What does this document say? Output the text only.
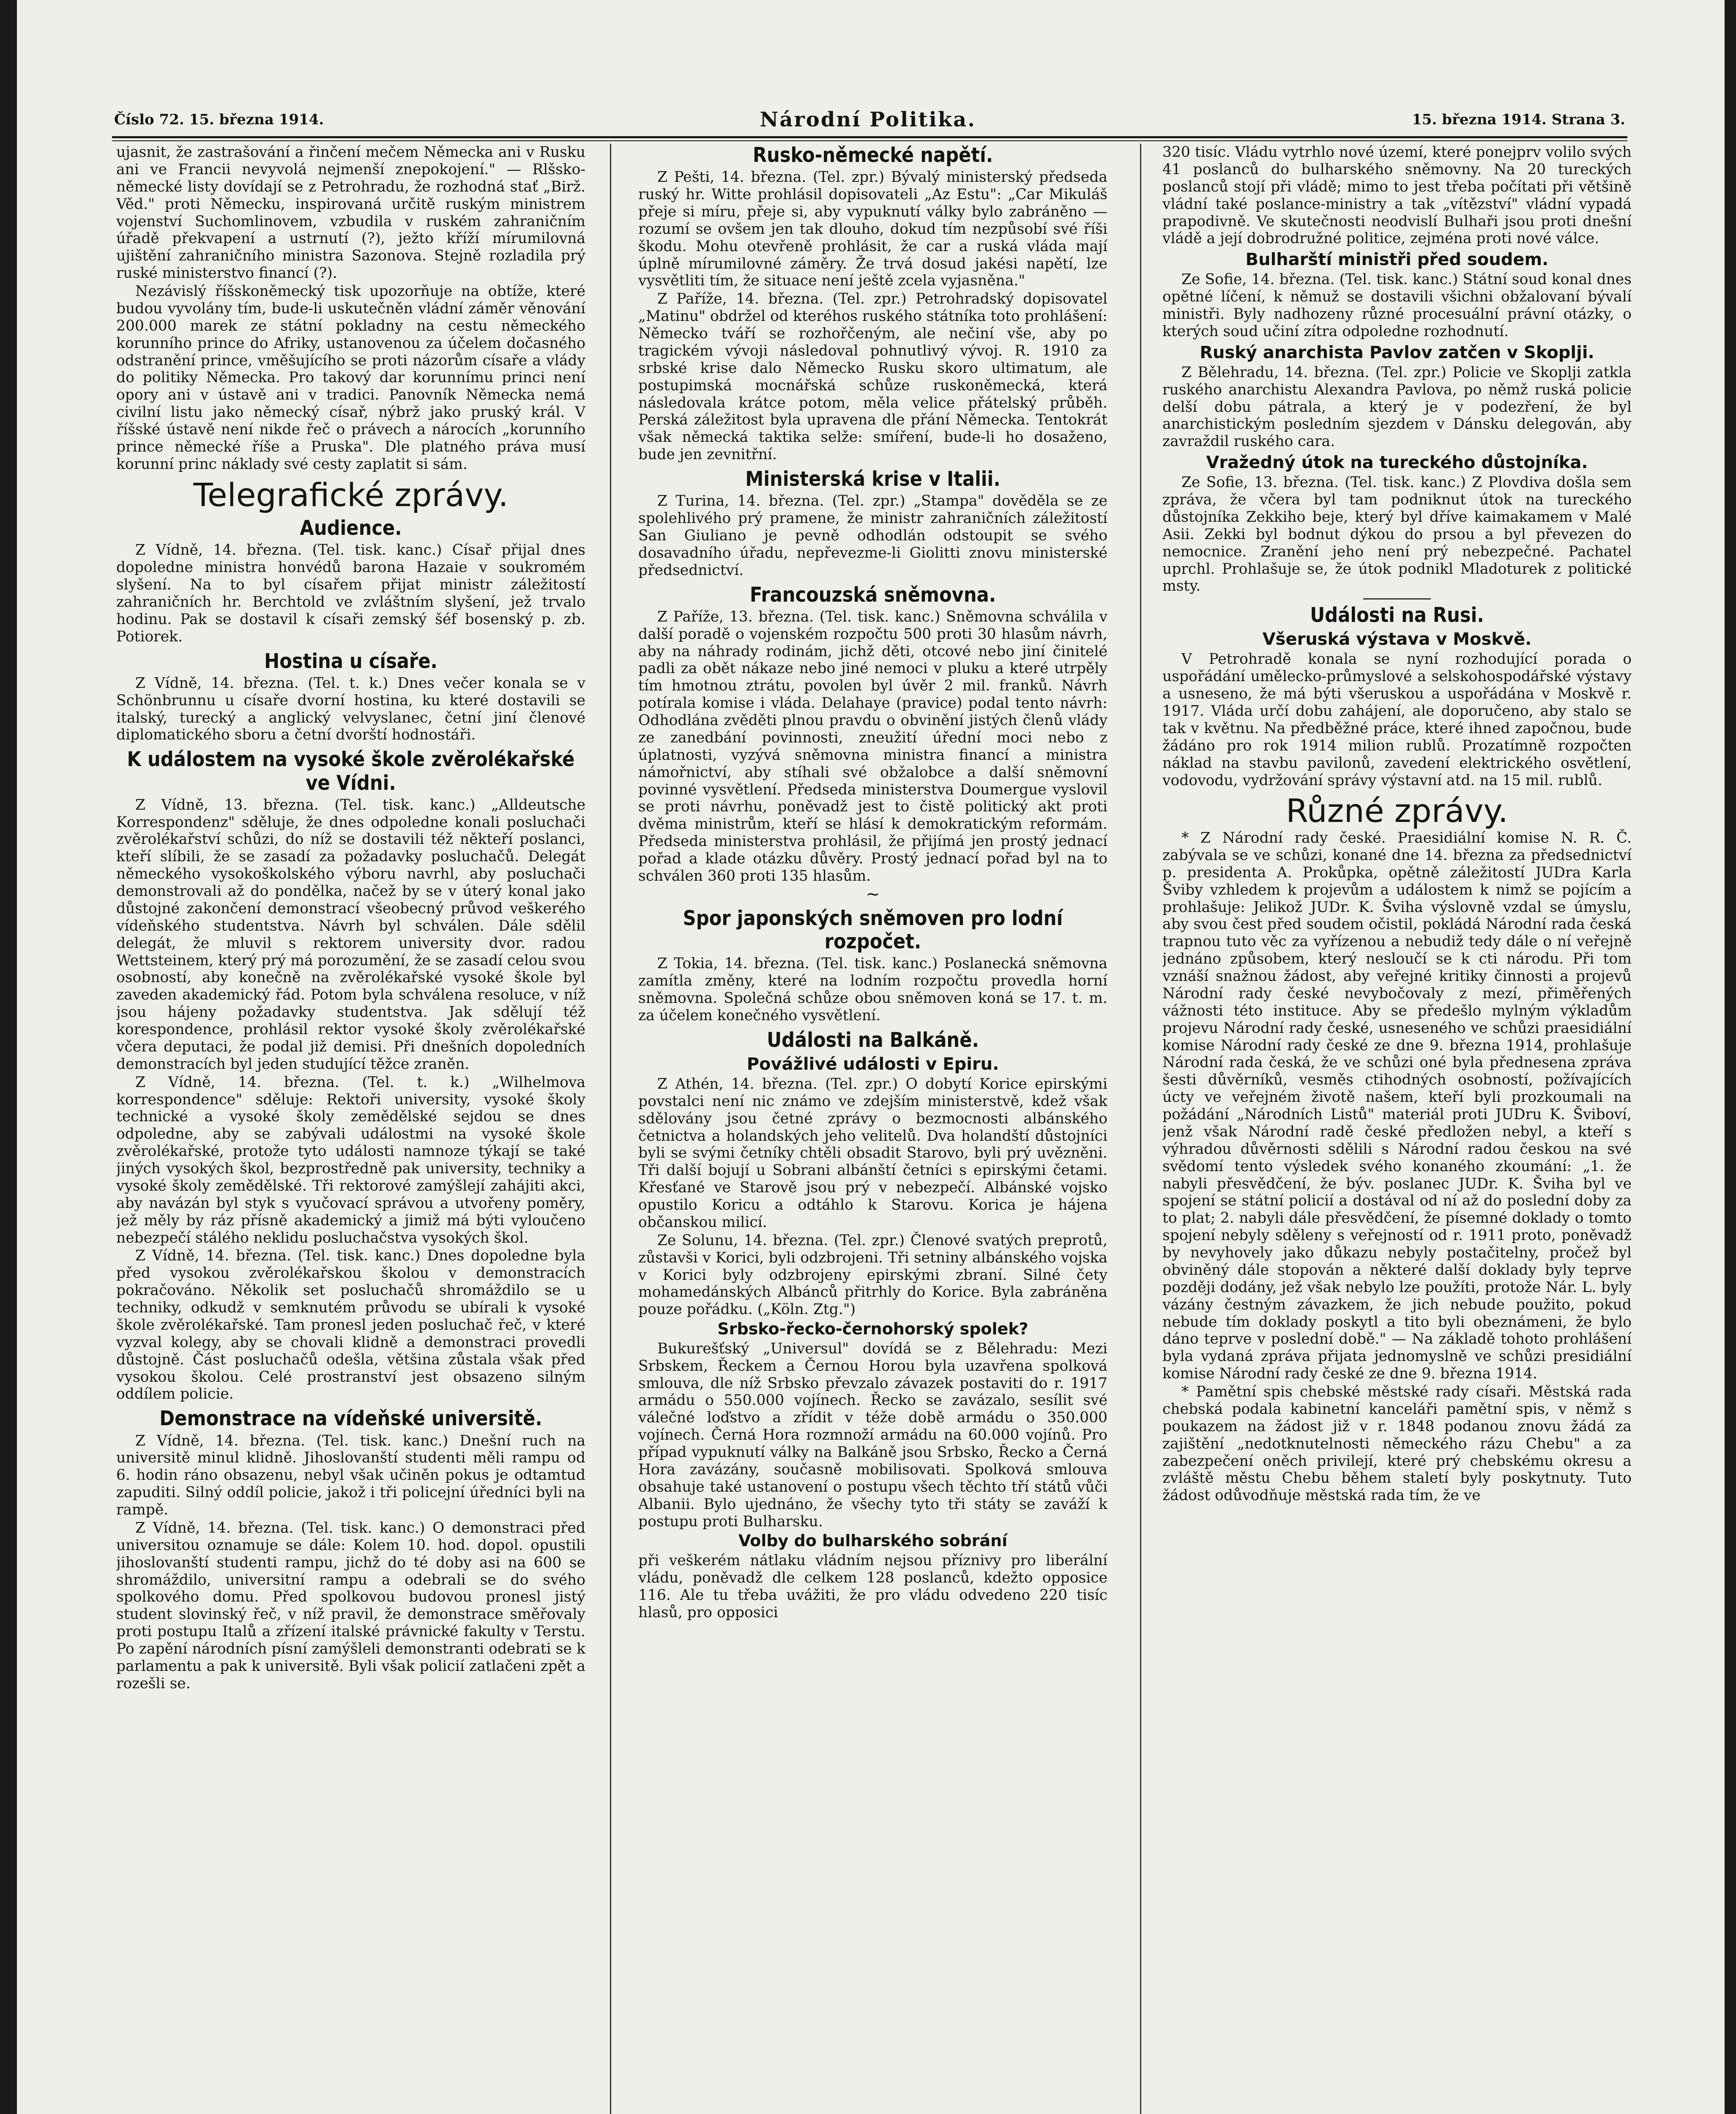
Číslo 72. 15. března 1914.	Národní Politika.	15. března 1914. Strana 3.

ujasnit, že zastrašování a řinčení mečem Německa ani v Rusku ani ve Francii nevyvolá nejmenší znepokojení." — Rlšsko-německé listy dovídají se z Petrohradu, že rozhodná stať „Birž. Věd." proti Německu, inspirovaná určitě ruským ministrem vojenství Suchomlinovem, vzbudila v ruském zahraničním úřadě překvapení a ustrnutí (?), ježto kříží mírumilovná ujištění zahraničního ministra Sazonova. Stejně rozladila prý ruské ministerstvo financí (?).

Nezávislý říšskoněmecký tisk upozorňuje na obtíže, které budou vyvolány tím, bude-li uskutečněn vládní záměr věnování 200.000 marek ze státní pokladny na cestu německého korunního prince do Afriky, ustanovenou za účelem dočasného odstranění prince, vměšujícího se proti názorům císaře a vlády do politiky Německa. Pro takový dar korunnímu princi není opory ani v ústavě ani v tradici. Panovník Německa nemá civilní listu jako německý císař, nýbrž jako pruský král. V říšské ústavě není nikde řeč o právech a nárocích „korunního prince německé říše a Pruska". Dle platného práva musí korunní princ náklady své cesty zaplatit si sám.

Telegrafické zprávy.
Audience.

Z Vídně, 14. března. (Tel. tisk. kanc.) Císař přijal dnes dopoledne ministra honvédů barona Hazaie v soukromém slyšení. Na to byl císařem přijat ministr záležitostí zahraničních hr. Berchtold ve zvláštním slyšení, jež trvalo hodinu. Pak se dostavil k císaři zemský šéf bosenský p. zb. Potiorek.

Hostina u císaře.

Z Vídně, 14. března. (Tel. t. k.) Dnes večer konala se v Schönbrunnu u císaře dvorní hostina, ku které dostavili se italský, turecký a anglický velvyslanec, četní jiní členové diplomatického sboru a četní dvorští hodnostáři.

K událostem na vysoké škole zvěrolékařské ve Vídni.

Z Vídně, 13. března. (Tel. tisk. kanc.) „Alldeutsche Korrespondenz" sděluje, že dnes odpoledne konali posluchači zvěrolékařství schůzi, do níž se dostavili též někteří poslanci, kteří slíbili, že se zasadí za požadavky posluchačů. Delegát německého vysokoškolského výboru navrhl, aby posluchači demonstrovali až do pondělka, načež by se v úterý konal jako důstojné zakončení demonstrací všeobecný průvod veškerého vídeňského studentstva. Návrh byl schválen. Dále sdělil delegát, že mluvil s rektorem university dvor. radou Wettsteinem, který prý má porozumění, že se zasadí celou svou osobností, aby konečně na zvěrolékařské vysoké škole byl zaveden akademický řád. Potom byla schválena resoluce, v níž jsou hájeny požadavky studentstva. Jak sdělují též korespondence, prohlásil rektor vysoké školy zvěrolékařské včera deputaci, že podal již demisi. Při dnešních dopoledních demonstracích byl jeden studující těžce zraněn.

Z Vídně, 14. března. (Tel. t. k.) „Wilhelmova korrespondence" sděluje: Rektoři university, vysoké školy technické a vysoké školy zemědělské sejdou se dnes odpoledne, aby se zabývali událostmi na vysoké škole zvěrolékařské, protože tyto události namnoze týkají se také jiných vysokých škol, bezprostředně pak university, techniky a vysoké školy zemědělské. Tři rektorové zamýšlejí zahájiti akci, aby navázán byl styk s vyučovací správou a utvořeny poměry, jež měly by ráz přísně akademický a jimiž má býti vyloučeno nebezpečí stálého neklidu posluchačstva vysokých škol.

Z Vídně, 14. března. (Tel. tisk. kanc.) Dnes dopoledne byla před vysokou zvěrolékařskou školou v demonstracích pokračováno. Několik set posluchačů shromáždilo se u techniky, odkudž v semknutém průvodu se ubírali k vysoké škole zvěrolékařské. Tam pronesl jeden posluchač řeč, v které vyzval kolegy, aby se chovali klidně a demonstraci provedli důstojně. Část posluchačů odešla, většina zůstala však před vysokou školou. Celé prostranství jest obsazeno silným oddílem policie.

Demonstrace na vídeňské universitě.

Z Vídně, 14. března. (Tel. tisk. kanc.) Dnešní ruch na universitě minul klidně. Jihoslovanští studenti měli rampu od 6. hodin ráno obsazenu, nebyl však učiněn pokus je odtamtud zapuditi. Silný oddíl policie, jakož i tři policejní úředníci byli na rampě.

Z Vídně, 14. března. (Tel. tisk. kanc.) O demonstraci před universitou oznamuje se dále: Kolem 10. hod. dopol. opustili jihoslovanští studenti rampu, jichž do té doby asi na 600 se shromáždilo, universitní rampu a odebrali se do svého spolkového domu. Před spolkovou budovou pronesl jistý student slovinský řeč, v níž pravil, že demonstrace směřovaly proti postupu Italů a zřízení italské právnické fakulty v Terstu. Po zapění národních písní zamýšleli demonstranti odebrati se k parlamentu a pak k universitě. Byli však policií zatlačeni zpět a rozešli se.

Rusko-německé napětí.

Z Pešti, 14. března. (Tel. zpr.) Bývalý ministerský předseda ruský hr. Witte prohlásil dopisovateli „Az Estu": „Car Mikuláš přeje si míru, přeje si, aby vypuknutí války bylo zabráněno — rozumí se ovšem jen tak dlouho, dokud tím nezpůsobí své říši škodu. Mohu otevřeně prohlásit, že car a ruská vláda mají úplně mírumilovné záměry. Že trvá dosud jakési napětí, lze vysvětliti tím, že situace není ještě zcela vyjasněna."

Z Paříže, 14. března. (Tel. zpr.) Petrohradský dopisovatel „Matinu" obdržel od kteréhos ruského státníka toto prohlášení: Německo tváří se rozhořčeným, ale nečiní vše, aby po tragickém vývoji následoval pohnutlivý vývoj. R. 1910 za srbské krise dalo Německo Rusku skoro ultimatum, ale postupimská mocnářská schůze ruskoněmecká, která následovala krátce potom, měla velice přátelský průběh. Perská záležitost byla upravena dle přání Německa. Tentokrát však německá taktika selže: smíření, bude-li ho dosaženo, bude jen zevnitřní.

Ministerská krise v Italii.

Z Turina, 14. března. (Tel. zpr.) „Stampa" dověděla se ze spolehlivého prý pramene, že ministr zahraničních záležitostí San Giuliano je pevně odhodlán odstoupit se svého dosavadního úřadu, nepřevezme-li Giolitti znovu ministerské předsednictví.

Francouzská sněmovna.

Z Paříže, 13. března. (Tel. tisk. kanc.) Sněmovna schválila v další poradě o vojenském rozpočtu 500 proti 30 hlasům návrh, aby na náhrady rodinám, jichž děti, otcové nebo jiní činitelé padli za obět nákaze nebo jiné nemoci v pluku a které utrpěly tím hmotnou ztrátu, povolen byl úvěr 2 mil. franků. Návrh potírala komise i vláda. Delahaye (pravice) podal tento návrh: Odhodlána zvěděti plnou pravdu o obvinění jistých členů vlády ze zanedbání povinnosti, zneužití úřední moci nebo z úplatnosti, vyzývá sněmovna ministra financí a ministra námořnictví, aby stíhali své obžalobce a další sněmovní povinné vysvětlení. Předseda ministerstva Doumergue vyslovil se proti návrhu, poněvadž jest to čistě politický akt proti dvěma ministrům, kteří se hlásí k demokratickým reformám. Předseda ministerstva prohlásil, že přijímá jen prostý jednací pořad a klade otázku důvěry. Prostý jednací pořad byl na to schválen 360 proti 135 hlasům.

∼
Spor japonských sněmoven pro lodní rozpočet.

Z Tokia, 14. března. (Tel. tisk. kanc.) Poslanecká sněmovna zamítla změny, které na lodním rozpočtu provedla horní sněmovna. Společná schůze obou sněmoven koná se 17. t. m. za účelem konečného vysvětlení.

Události na Balkáně.
Povážlivé události v Epiru.

Z Athén, 14. března. (Tel. zpr.) O dobytí Korice epirskými povstalci není nic známo ve zdejším ministerstvě, kdež však sdělovány jsou četné zprávy o bezmocnosti albánského četnictva a holandských jeho velitelů. Dva holandští důstojníci byli se svými četníky chtěli obsadit Starovo, byli prý uvězněni. Tři další bojují u Sobrani albánští četníci s epirskými četami. Křesťané ve Starově jsou prý v nebezpečí. Albánské vojsko opustilo Koricu a odtáhlo k Starovu. Korica je hájena občanskou milicí.

Ze Solunu, 14. března. (Tel. zpr.) Členové svatých preprotů, zůstavši v Korici, byli odzbrojeni. Tři setniny albánského vojska v Korici byly odzbrojeny epirskými zbraní. Silné čety mohamedánských Albánců přitrhly do Korice. Byla zabráněna pouze pořádku. („Köln. Ztg.")

Srbsko-řecko-černohorský spolek?

Bukurešťský „Universul" dovídá se z Bělehradu: Mezi Srbskem, Řeckem a Černou Horou byla uzavřena spolková smlouva, dle níž Srbsko převzalo závazek postaviti do r. 1917 armádu o 550.000 vojínech. Řecko se zavázalo, sesílit své válečné loďstvo a zřídit v téže době armádu o 350.000 vojínech. Černá Hora rozmnoží armádu na 60.000 vojínů. Pro případ vypuknutí války na Balkáně jsou Srbsko, Řecko a Černá Hora zavázány, současně mobilisovati. Spolková smlouva obsahuje také ustanovení o postupu všech těchto tří států vůči Albanii. Bylo ujednáno, že všechy tyto tři státy se zaváží k postupu proti Bulharsku.

Volby do bulharského sobrání

při veškerém nátlaku vládním nejsou příznivy pro liberální vládu, poněvadž dle celkem 128 poslanců, kdežto opposice 116. Ale tu třeba uvážiti, že pro vládu odvedeno 220 tisíc hlasů, pro opposici

320 tisíc. Vládu vytrhlo nové území, které ponejprv volilo svých 41 poslanců do bulharského sněmovny. Na 20 tureckých poslanců stojí při vládě; mimo to jest třeba počítati při většině vládní také poslance-ministry a tak „vítězství" vládní vypadá prapodivně. Ve skutečnosti neodvislí Bulhaři jsou proti dnešní vládě a její dobrodružné politice, zejména proti nové válce.

Bulharští ministři před soudem.

Ze Sofie, 14. března. (Tel. tisk. kanc.) Státní soud konal dnes opětné líčení, k němuž se dostavili všichni obžalovaní bývalí ministři. Byly nadhozeny různé procesuální právní otázky, o kterých soud učiní zítra odpoledne rozhodnutí.

Ruský anarchista Pavlov zatčen v Skoplji.

Z Bělehradu, 14. března. (Tel. zpr.) Policie ve Skoplji zatkla ruského anarchistu Alexandra Pavlova, po němž ruská policie delší dobu pátrala, a který je v podezření, že byl anarchistickým posledním sjezdem v Dánsku delegován, aby zavraždil ruského cara.

Vražedný útok na tureckého důstojníka.

Ze Sofie, 13. března. (Tel. tisk. kanc.) Z Plovdiva došla sem zpráva, že včera byl tam podniknut útok na tureckého důstojníka Zekkiho beje, který byl dříve kaimakamem v Malé Asii. Zekki byl bodnut dýkou do prsou a byl převezen do nemocnice. Zranění jeho není prý nebezpečné. Pachatel uprchl. Prohlašuje se, že útok podnikl Mladoturek z politické msty.

Události na Rusi.
Všeruská výstava v Moskvě.

V Petrohradě konala se nyní rozhodující porada o uspořádání umělecko-průmyslové a selskohospodářské výstavy a usneseno, že má býti všeruskou a uspořádána v Moskvě r. 1917. Vláda určí dobu zahájení, ale doporučeno, aby stalo se tak v květnu. Na předběžné práce, které ihned započnou, bude žádáno pro rok 1914 milion rublů. Prozatímně rozpočten náklad na stavbu pavilonů, zavedení elektrického osvětlení, vodovodu, vydržování správy výstavní atd. na 15 mil. rublů.

Různé zprávy.

* Z Národní rady české. Praesidiální komise N. R. Č. zabývala se ve schůzi, konané dne 14. března za předsednictví p. presidenta A. Prokůpka, opětně záležitostí JUDra Karla Šviby vzhledem k projevům a událostem k nimž se pojícím a prohlašuje: Jelikož JUDr. K. Šviha výslovně vzdal se úmyslu, aby svou čest před soudem očistil, pokládá Národní rada česká trapnou tuto věc za vyřízenou a nebudiž tedy dále o ní veřejně jednáno způsobem, který nesloučí se k cti národu. Při tom vznáší snažnou žádost, aby veřejné kritiky činnosti a projevů Národní rady české nevybočovaly z mezí, přiměřených vážnosti této instituce. Aby se předešlo mylným výkladům projevu Národní rady české, usneseného ve schůzi praesidiální komise Národní rady české ze dne 9. března 1914, prohlašuje Národní rada česká, že ve schůzi oné byla přednesena zpráva šesti důvěrníků, vesměs ctihodných osobností, požívajících úcty ve veřejném životě našem, kteří byli prozkoumali na požádání „Národních Listů" materiál proti JUDru K. Šviboví, jenž však Národní radě české předložen nebyl, a kteří s výhradou důvěrnosti sdělili s Národní radou českou na své svědomí tento výsledek svého konaného zkoumání: „1. že nabyli přesvědčení, že býv. poslanec JUDr. K. Šviha byl ve spojení se státní policií a dostával od ní až do poslední doby za to plat; 2. nabyli dále přesvědčení, že písemné doklady o tomto spojení nebyly sděleny s veřejností od r. 1911 proto, poněvadž by nevyhovely jako důkazu nebyly postačitelny, pročež byl obviněný dále stopován a některé další doklady byly teprve později dodány, jež však nebylo lze použíti, protože Nár. L. byly vázány čestným závazkem, že jich nebude použito, pokud nebude tím doklady poskytl a tito byli obeznámeni, že bylo dáno teprve v poslední době." — Na základě tohoto prohlášení byla vydaná zpráva přijata jednomyslně ve schůzi presidiální komise Národní rady české ze dne 9. března 1914.

* Pamětní spis chebské městské rady císaři. Městská rada chebská podala kabinetní kanceláři pamětní spis, v němž s poukazem na žádost již v r. 1848 podanou znovu žádá za zajištění „nedotknutelnosti německého rázu Chebu" a za zabezpečení oněch privilejí, které prý chebskému okresu a zvláště městu Chebu během staletí byly poskytnuty. Tuto žádost odůvodňuje městská rada tím, že ve
